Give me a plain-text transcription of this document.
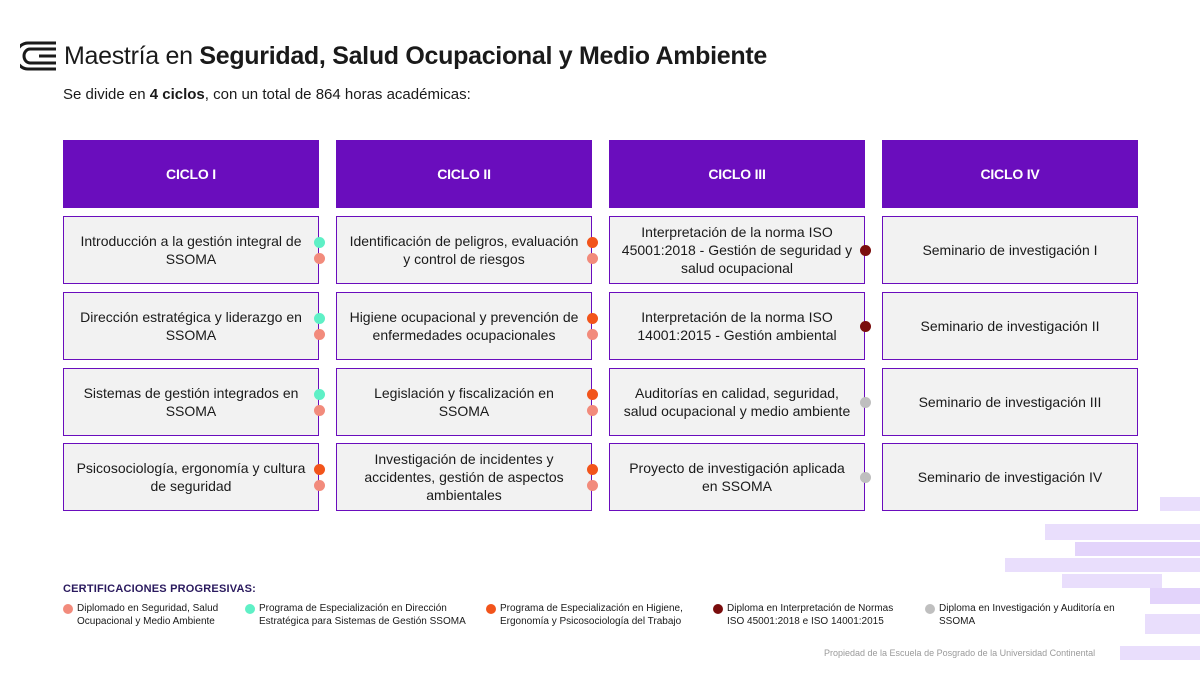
Maestría en Seguridad, Salud Ocupacional y Medio Ambiente
Se divide en 4 ciclos, con un total de 864 horas académicas:
CICLO I
Introducción a la gestión integral de SSOMA
Dirección estratégica y liderazgo en SSOMA
Sistemas de gestión integrados en SSOMA
Psicosociología, ergonomía y cultura de seguridad
CICLO II
Identificación de peligros, evaluación y control de riesgos
Higiene ocupacional y prevención de enfermedades ocupacionales
Legislación y fiscalización en SSOMA
Investigación de incidentes y accidentes, gestión de aspectos ambientales
CICLO III
Interpretación de la norma ISO 45001:2018 - Gestión de seguridad y salud ocupacional
Interpretación de la norma ISO 14001:2015 - Gestión ambiental
Auditorías en calidad, seguridad, salud ocupacional y medio ambiente
Proyecto de investigación aplicada en SSOMA
CICLO IV
Seminario de investigación I
Seminario de investigación II
Seminario de investigación III
Seminario de investigación IV
CERTIFICACIONES PROGRESIVAS:
Diplomado en Seguridad, Salud
Ocupacional y Medio Ambiente
Programa de Especialización en Dirección
Estratégica para Sistemas de Gestión SSOMA
Programa de Especialización en Higiene,
Ergonomía y Psicosociología del Trabajo
Diploma en Interpretación de Normas
ISO 45001:2018 e ISO 14001:2015
Diploma en Investigación y Auditoría en
SSOMA
Propiedad de la Escuela de Posgrado de la Universidad Continental
